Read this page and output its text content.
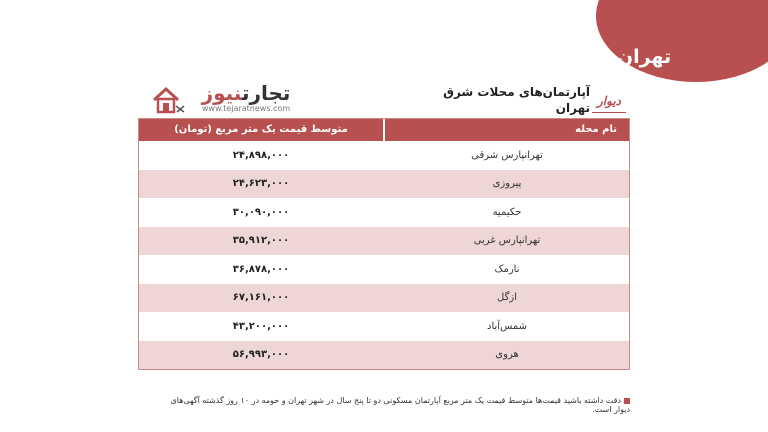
تهران
تجارتنیوز
www.tejaratnews.com
دیوار
آپارتمان‌های محلات شرق تهران
متوسط قیمت یک متر مربع (تومان)	نام محله
۲۴,۸۹۸,۰۰۰	تهرانپارس شرقی
۲۴,۶۲۳,۰۰۰	پیروزی
۳۰,۰۹۰,۰۰۰	حکیمیه
۳۵,۹۱۲,۰۰۰	تهرانپارس غربی
۳۶,۸۷۸,۰۰۰	نارمک
۶۷,۱۶۱,۰۰۰	ازگل
۴۳,۲۰۰,۰۰۰	شمس‌آباد
۵۶,۹۹۳,۰۰۰	هروی
دقت داشته باشید قیمت‌ها متوسط قیمت یک متر مربع آپارتمان مسکونی دو تا پنج سال در شهر تهران و حومه در ۱۰ روز گذشته آگهی‌های دیوار است.
